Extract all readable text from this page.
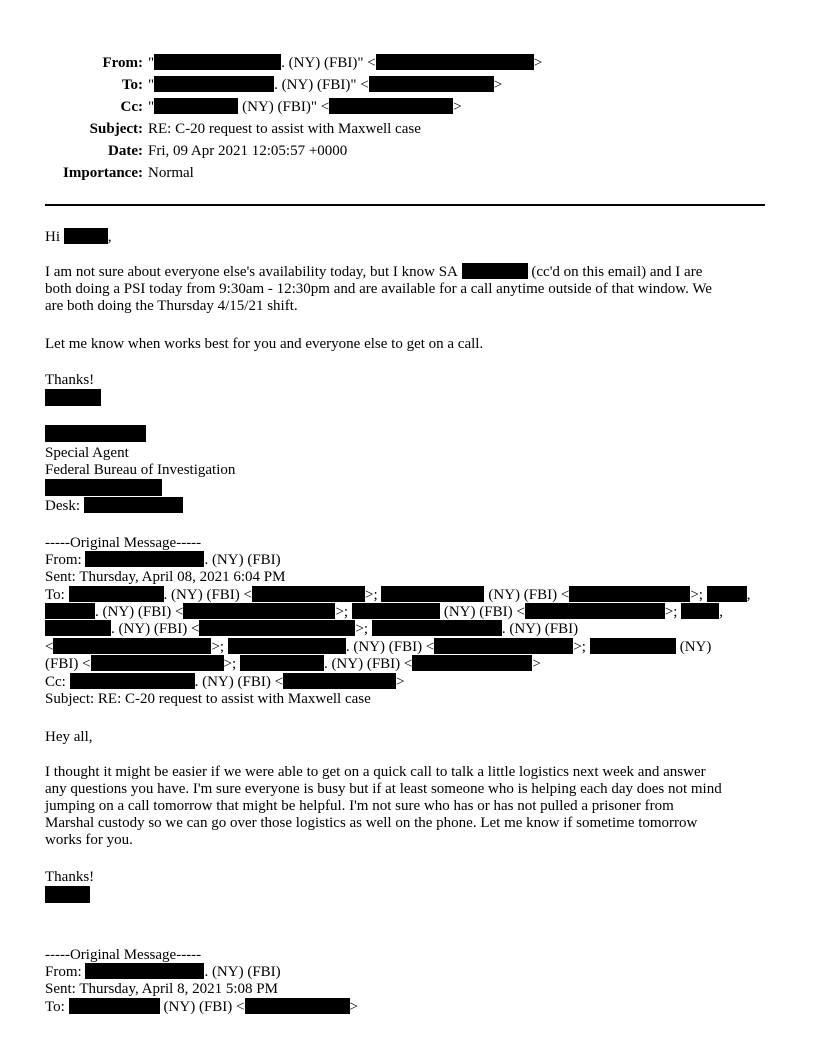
From: "	. (NY) (FBI)" <	>
To: "	. (NY) (FBI)" <	>
Cc: "	(NY) (FBI)" <	>
Subject: RE: C-20 request to assist with Maxwell case
Date: Fri, 09 Apr 2021 12:05:57 +0000
Importance: Normal
Hi	,
I am not sure about everyone else's availability today, but I know SA	(cc'd on this email) and I are
both doing a PSI today from 9:30am - 12:30pm and are available for a call anytime outside of that window. We
are both doing the Thursday 4/15/21 shift.
Let me know when works best for you and everyone else to get on a call.
Thanks!
Special Agent
Federal Bureau of Investigation
Desk:
-----Original Message-----
From:	. (NY) (FBI)
Sent: Thursday, April 08, 2021 6:04 PM
To:	. (NY) (FBI) <	>;	(NY) (FBI) <	>;	,
. (NY) (FBI) <	>;	(NY) (FBI) <	>;	,
. (NY) (FBI) <	>;	. (NY) (FBI)
<	>;	. (NY) (FBI) <	>;	(NY)
(FBI) <	>;	. (NY) (FBI) <	>
Cc:	. (NY) (FBI) <	>
Subject: RE: C-20 request to assist with Maxwell case
Hey all,
I thought it might be easier if we were able to get on a quick call to talk a little logistics next week and answer
any questions you have. I'm sure everyone is busy but if at least someone who is helping each day does not mind
jumping on a call tomorrow that might be helpful. I'm not sure who has or has not pulled a prisoner from
Marshal custody so we can go over those logistics as well on the phone. Let me know if sometime tomorrow
works for you.
Thanks!
-----Original Message-----
From:	. (NY) (FBI)
Sent: Thursday, April 8, 2021 5:08 PM
To:	(NY) (FBI) <	>
